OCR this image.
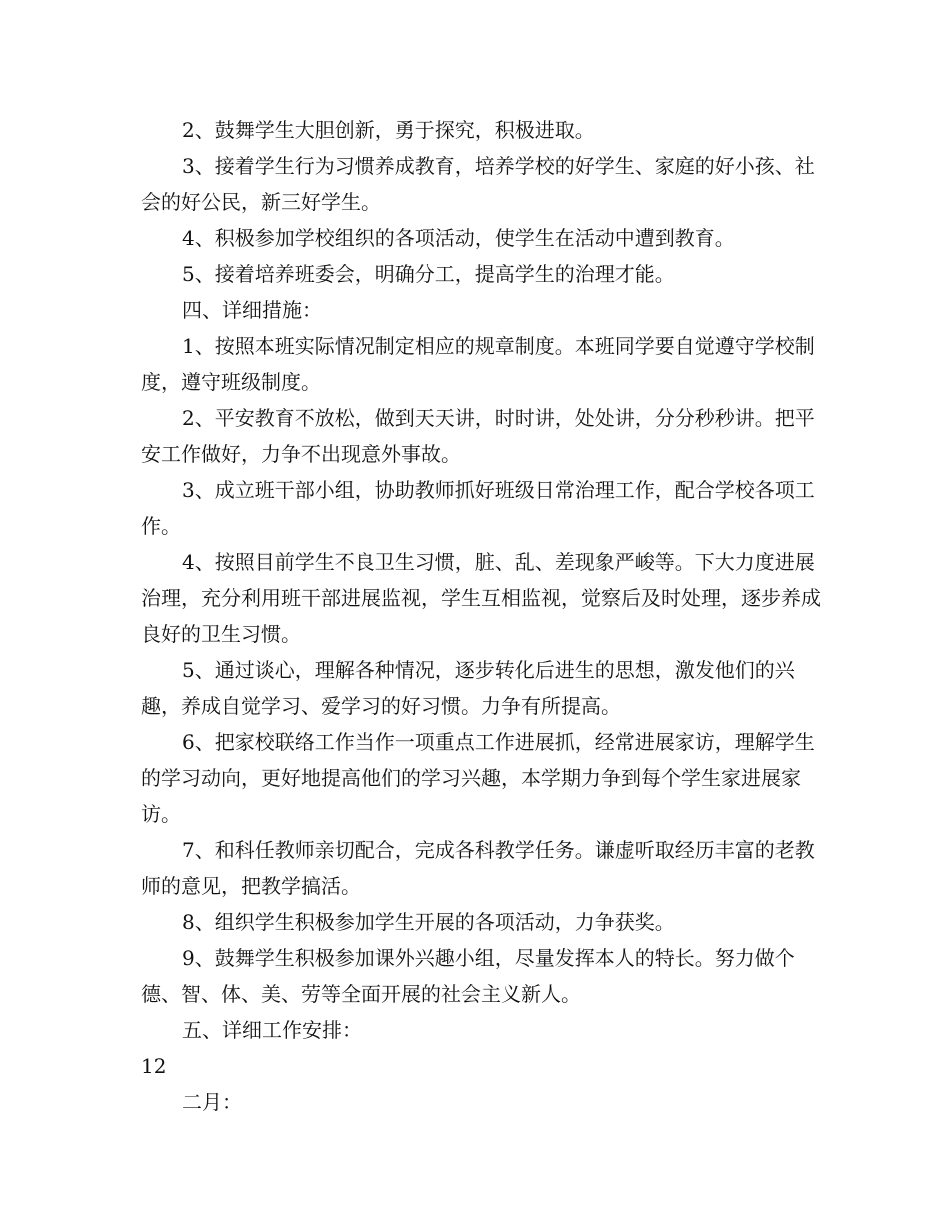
2、鼓舞学生大胆创新，勇于探究，积极进取。

3、接着学生行为习惯养成教育，培养学校的好学生、家庭的好小孩、社会的好公民，新三好学生。

4、积极参加学校组织的各项活动，使学生在活动中遭到教育。

5、接着培养班委会，明确分工，提高学生的治理才能。

四、详细措施：

1、按照本班实际情况制定相应的规章制度。本班同学要自觉遵守学校制度，遵守班级制度。

2、平安教育不放松，做到天天讲，时时讲，处处讲，分分秒秒讲。把平安工作做好，力争不出现意外事故。

3、成立班干部小组，协助教师抓好班级日常治理工作，配合学校各项工作。

4、按照目前学生不良卫生习惯，脏、乱、差现象严峻等。下大力度进展治理，充分利用班干部进展监视，学生互相监视，觉察后及时处理，逐步养成良好的卫生习惯。

5、通过谈心，理解各种情况，逐步转化后进生的思想，激发他们的兴趣，养成自觉学习、爱学习的好习惯。力争有所提高。

6、把家校联络工作当作一项重点工作进展抓，经常进展家访，理解学生的学习动向，更好地提高他们的学习兴趣，本学期力争到每个学生家进展家访。

7、和科任教师亲切配合，完成各科教学任务。谦虚听取经历丰富的老教师的意见，把教学搞活。

8、组织学生积极参加学生开展的各项活动，力争获奖。

9、鼓舞学生积极参加课外兴趣小组，尽量发挥本人的特长。努力做个德、智、体、美、劳等全面开展的社会主义新人。

五、详细工作安排：

12

二月：
